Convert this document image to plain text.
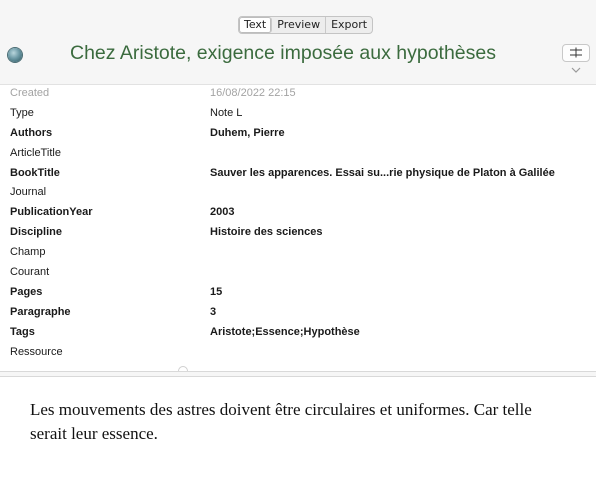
Text	Preview	Export
Chez Aristote, exigence imposée aux hypothèses
Created	16/08/2022 22:15
Type	Note L
Authors	Duhem, Pierre
ArticleTitle
BookTitle	Sauver les apparences. Essai su...rie physique de Platon à Galilée
Journal
PublicationYear	2003
Discipline	Histoire des sciences
Champ
Courant
Pages	15
Paragraphe	3
Tags	Aristote;Essence;Hypothèse
Ressource
Les mouvements des astres doivent être circulaires et uniformes. Car telle serait leur essence.
